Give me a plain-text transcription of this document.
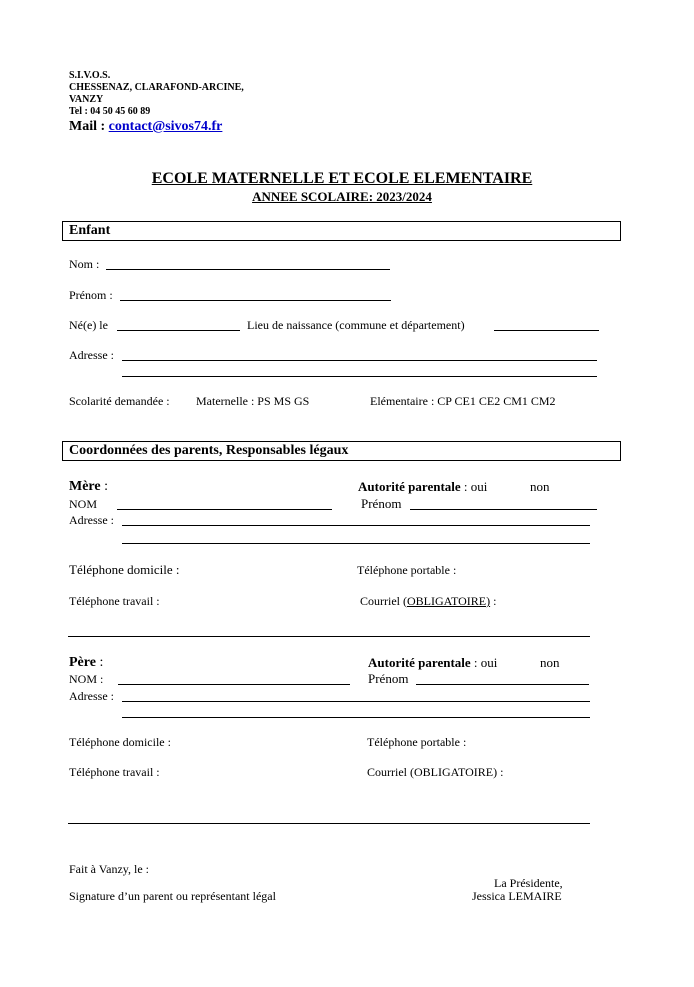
S.I.V.O.S.
CHESSENAZ, CLARAFOND-ARCINE,
VANZY
Tel : 04 50 45 60 89
Mail : contact@sivos74.fr
ECOLE MATERNELLE ET ECOLE ELEMENTAIRE
ANNEE SCOLAIRE: 2023/2024
Enfant
Nom :
Prénom :
Né(e) le	Lieu de naissance (commune et département)
Adresse :
Scolarité demandée : Maternelle : PS MS GS	Elémentaire : CP CE1 CE2 CM1 CM2
Coordonnées des parents, Responsables légaux
Mère :	Autorité parentale : oui	non
NOM	Prénom
Adresse :
Téléphone domicile :	Téléphone portable :
Téléphone travail :	Courriel (OBLIGATOIRE) :
Père :	Autorité parentale : oui	non
NOM :	Prénom
Adresse :
Téléphone domicile :	Téléphone portable :
Téléphone travail :	Courriel (OBLIGATOIRE) :
Fait à Vanzy, le :
Signature d’un parent ou représentant légal
La Présidente,
Jessica LEMAIRE
